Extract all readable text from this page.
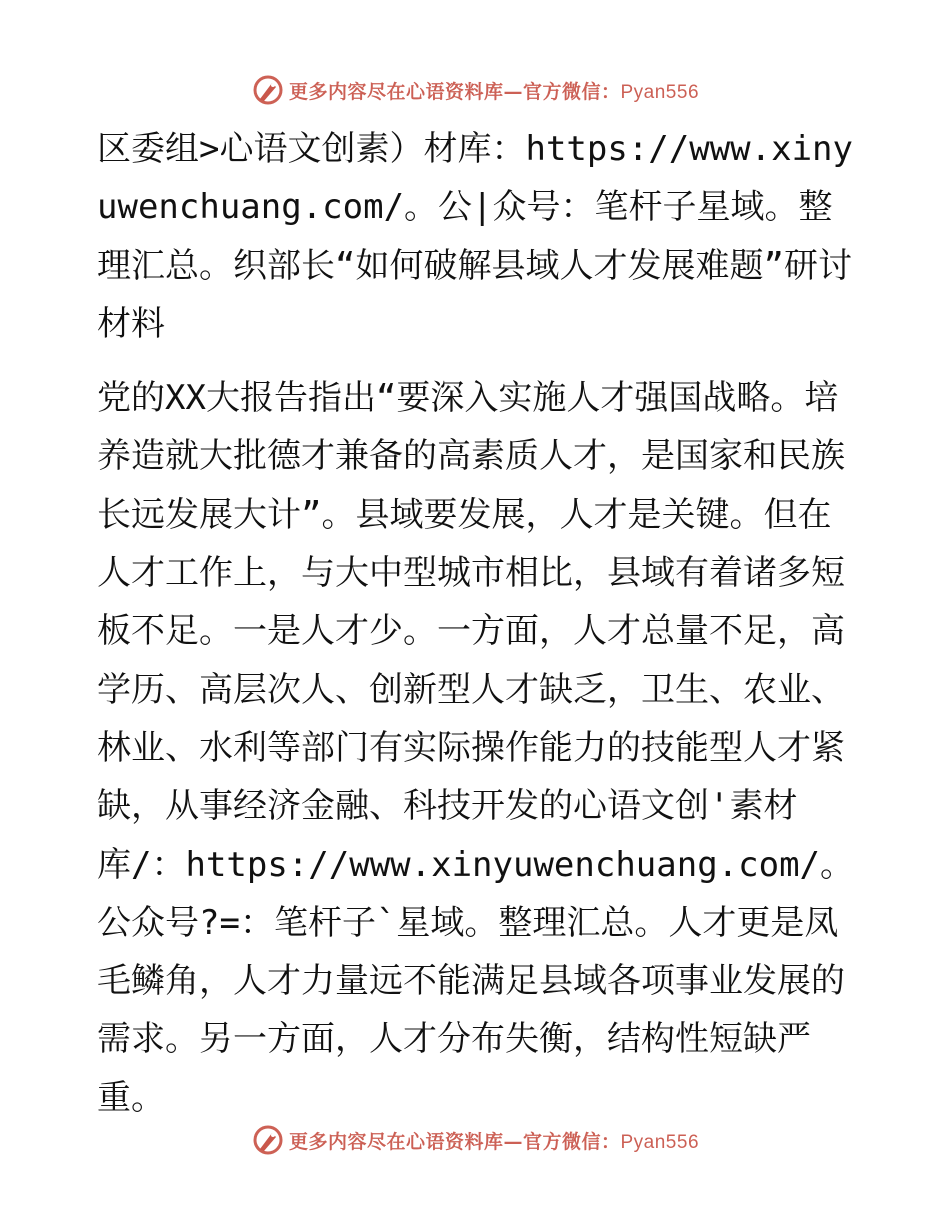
更多内容尽在心语资料库—官方微信：Pyan556

区委组>心语文创素）材库：https://www.xinyuwenchuang.com/。公|众号：笔杆子星域。整理汇总。织部长“如何破解县域人才发展难题”研讨材料

党的XX大报告指出“要深入实施人才强国战略。培养造就大批德才兼备的高素质人才，是国家和民族长远发展大计”。县域要发展，人才是关键。但在人才工作上，与大中型城市相比，县域有着诸多短板不足。一是人才少。一方面，人才总量不足，高学历、高层次人、创新型人才缺乏，卫生、农业、林业、水利等部门有实际操作能力的技能型人才紧缺，从事经济金融、科技开发的心语文创'素材库/：https://www.xinyuwenchuang.com/。公众号?=：笔杆子`星域。整理汇总。人才更是凤毛鳞角，人才力量远不能满足县域各项事业发展的需求。另一方面，人才分布失衡，结构性短缺严重。

更多内容尽在心语资料库—官方微信：Pyan556
